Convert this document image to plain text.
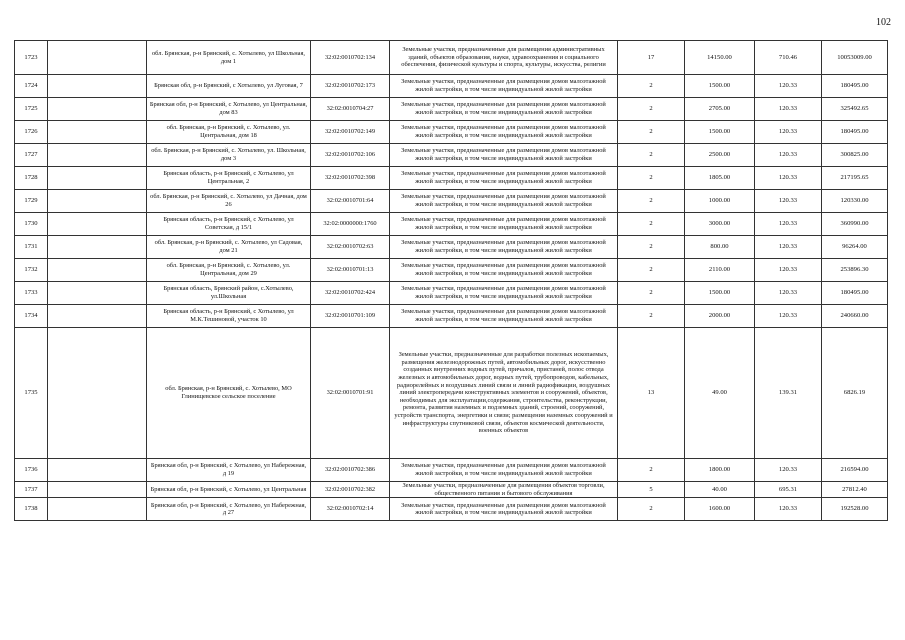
102
1723		обл. Брянская, р-н Брянский, с. Хотылево, ул Школьная, дом 1	32:02:0010702:134	Земельные участки, предназначенные для размещения административных зданий, объектов образования, науки, здравоохранения и социального обеспечения, физической культуры и спорта, культуры, искусства, религии	17	14150.00	710.46	10053009.00
1724		Брянская обл, р-н Брянский, с Хотылево, ул Луговая, 7	32:02:0010702:173	Земельные участки, предназначенные для размещения домов малоэтажной жилой застройки, в том числе индивидуальной жилой застройки	2	1500.00	120.33	180495.00
1725		Брянская обл, р-н Брянский, с Хотылево, ул Центральная, дом 83	32:02:0010704:27	Земельные участки, предназначенные для размещения домов малоэтажной жилой застройки, в том числе индивидуальной жилой застройки	2	2705.00	120.33	325492.65
1726		обл. Брянская, р-н Брянский, с. Хотылево, ул. Центральная, дом 18	32:02:0010702:149	Земельные участки, предназначенные для размещения домов малоэтажной жилой застройки, в том числе индивидуальной жилой застройки	2	1500.00	120.33	180495.00
1727		обл. Брянская, р-н Брянский, с. Хотылево, ул. Школьная, дом 3	32:02:0010702:106	Земельные участки, предназначенные для размещения домов малоэтажной жилой застройки, в том числе индивидуальной жилой застройки	2	2500.00	120.33	300825.00
1728		Брянская область, р-н Брянский, с Хотылево, ул Центральная, 2	32:02:0010702:398	Земельные участки, предназначенные для размещения домов малоэтажной жилой застройки, в том числе индивидуальной жилой застройки	2	1805.00	120.33	217195.65
1729		обл. Брянская, р-н Брянский, с. Хотылево, ул Дачная, дом 26	32:02:0010701:64	Земельные участки, предназначенные для размещения домов малоэтажной жилой застройки, в том числе индивидуальной жилой застройки	2	1000.00	120.33	120330.00
1730		Брянская область, р-н Брянский, с Хотылево, ул Советская, д 15/1	32:02:0000000:1760	Земельные участки, предназначенные для размещения домов малоэтажной жилой застройки, в том числе индивидуальной жилой застройки	2	3000.00	120.33	360990.00
1731		обл. Брянская, р-н Брянский, с. Хотылево, ул Садовая, дом 21	32:02:0010702:63	Земельные участки, предназначенные для размещения домов малоэтажной жилой застройки, в том числе индивидуальной жилой застройки	2	800.00	120.33	96264.00
1732		обл. Брянская, р-н Брянский, с. Хотылево, ул. Центральная, дом 29	32:02:0010701:13	Земельные участки, предназначенные для размещения домов малоэтажной жилой застройки, в том числе индивидуальной жилой застройки	2	2110.00	120.33	253896.30
1733		Брянская область, Брянский район, с.Хотылево, ул.Школьная	32:02:0010702:424	Земельные участки, предназначенные для размещения домов малоэтажной жилой застройки, в том числе индивидуальной жилой застройки	2	1500.00	120.33	180495.00
1734		Брянская область, р-н Брянский, с Хотылево, ул М.К.Тешиновой, участок 10	32:02:0010701:109	Земельные участки, предназначенные для размещения домов малоэтажной жилой застройки, в том числе индивидуальной жилой застройки	2	2000.00	120.33	240660.00
1735		обл. Брянская, р-н Брянский, с. Хотылево, МО Глинищевское сельское поселение	32:02:0010701:91	Земельные участки, предназначенные для разработки полезных ископаемых, размещения железнодорожных путей, автомобильных дорог, искусственно созданных внутренних водных путей, причалов, пристаней, полос отвода железных и автомобильных дорог, водных путей, трубопроводов, кабельных, радиорелейных и воздушных линий связи и линий радиофикации, воздушных линий электропередачи конструктивных элементов и сооружений, объектов, необходимых для эксплуатации,содержания, строительства, реконструкции, ремонта, развития наземных и подземных зданий, строений, сооружений, устройств транспорта, энергетики и связи; размещения наземных сооружений и инфраструктуры спутниковой связи, объектов космической деятельности, военных объектов	13	49.00	139.31	6826.19
1736		Брянская обл, р-н Брянский, с Хотылево, ул Набережная, д 19	32:02:0010702:386	Земельные участки, предназначенные для размещения домов малоэтажной жилой застройки, в том числе индивидуальной жилой застройки	2	1800.00	120.33	216594.00
1737		Брянская обл, р-н Брянский, с Хотылево, ул Центральная	32:02:0010702:382	Земельные участки, предназначенные для размещения объектов торговли, общественного питания и бытового обслуживания	5	40.00	695.31	27812.40
1738		Брянская обл, р-н Брянский, с Хотылево, ул Набережная, д 27	32:02:0010702:14	Земельные участки, предназначенные для размещения домов малоэтажной жилой застройки, в том числе индивидуальной жилой застройки	2	1600.00	120.33	192528.00
